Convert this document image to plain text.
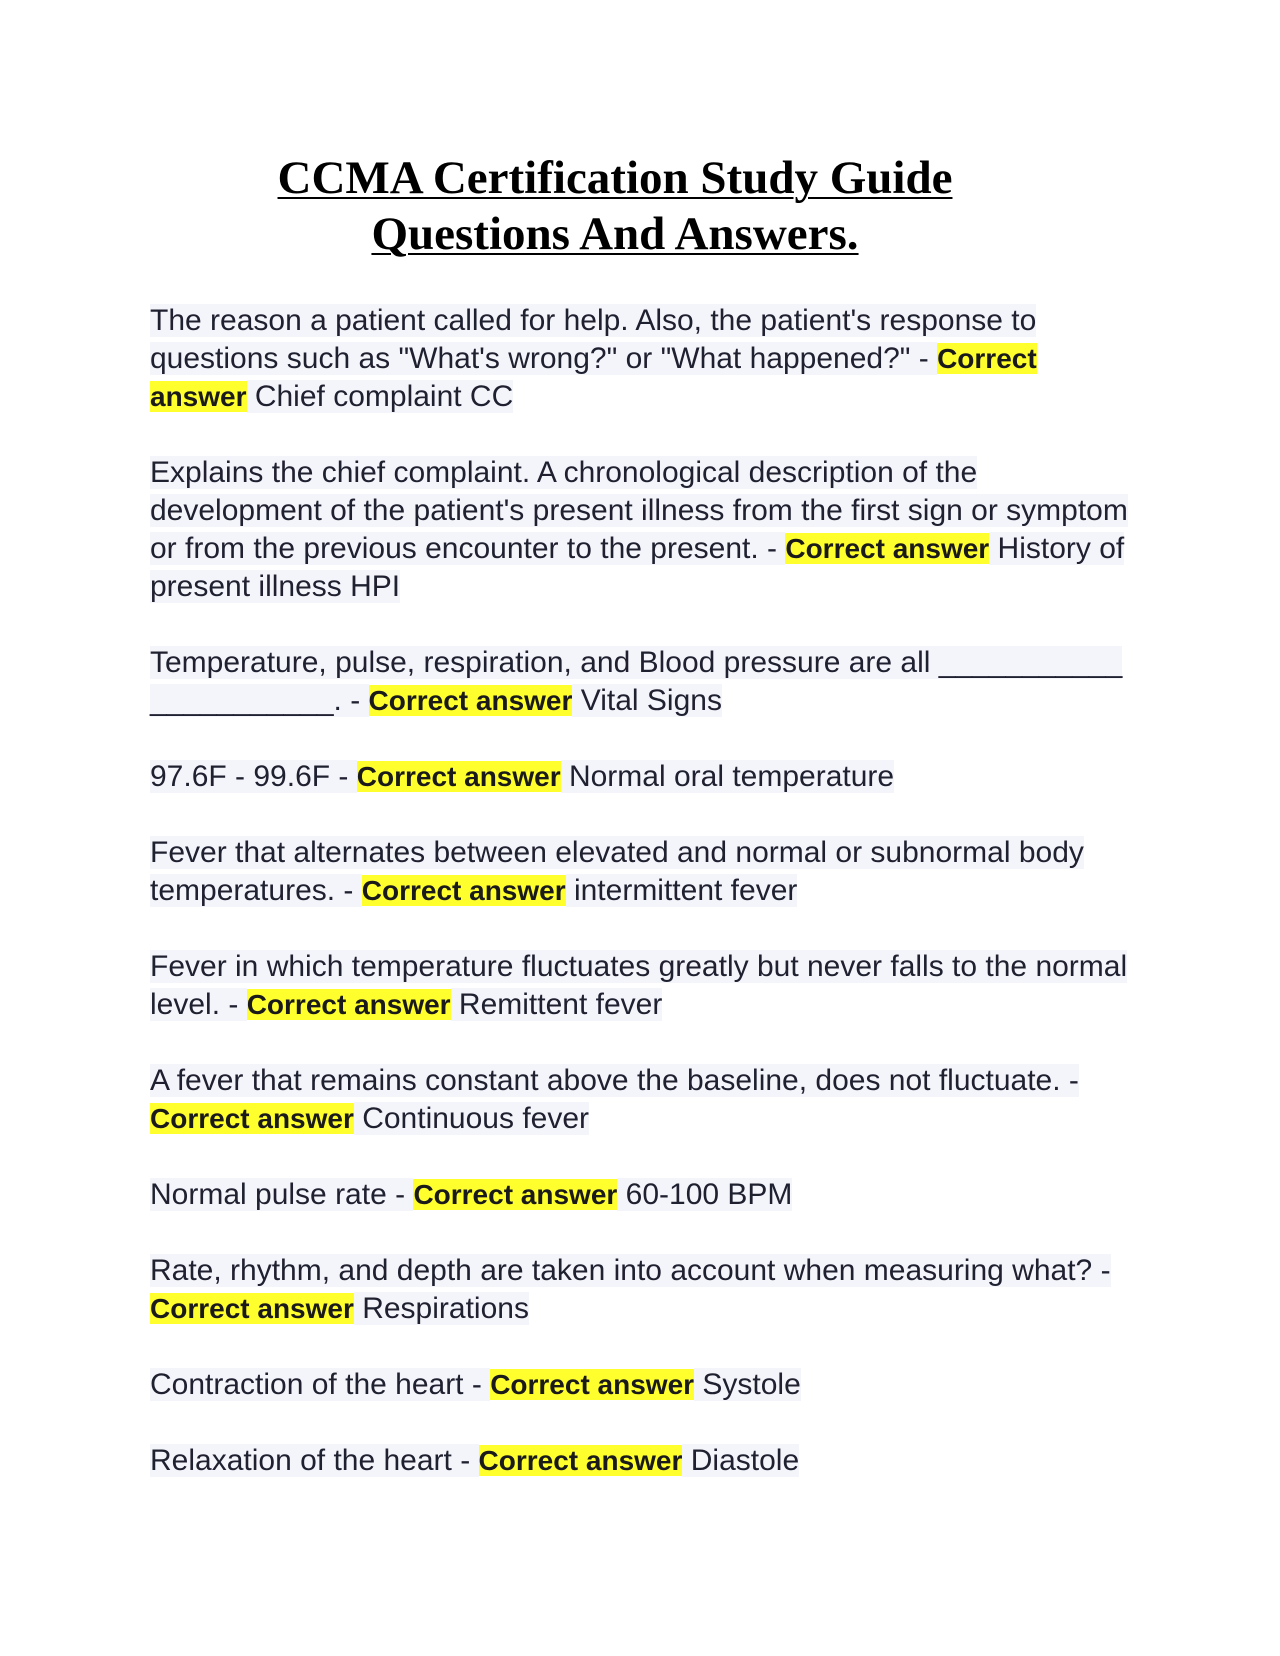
CCMA Certification Study Guide
Questions And Answers.

The reason a patient called for help. Also, the patient's response to questions such as "What's wrong?" or "What happened?" - Correct answer Chief complaint CC

Explains the chief complaint. A chronological description of the development of the patient's present illness from the first sign or symptom or from the previous encounter to the present. - Correct answer History of present illness HPI

Temperature, pulse, respiration, and Blood pressure are all ___________ ___________. - Correct answer Vital Signs

97.6F - 99.6F - Correct answer Normal oral temperature

Fever that alternates between elevated and normal or subnormal body temperatures. - Correct answer intermittent fever

Fever in which temperature fluctuates greatly but never falls to the normal level. - Correct answer Remittent fever

A fever that remains constant above the baseline, does not fluctuate. - Correct answer Continuous fever

Normal pulse rate - Correct answer 60-100 BPM

Rate, rhythm, and depth are taken into account when measuring what? - Correct answer Respirations

Contraction of the heart - Correct answer Systole

Relaxation of the heart - Correct answer Diastole
